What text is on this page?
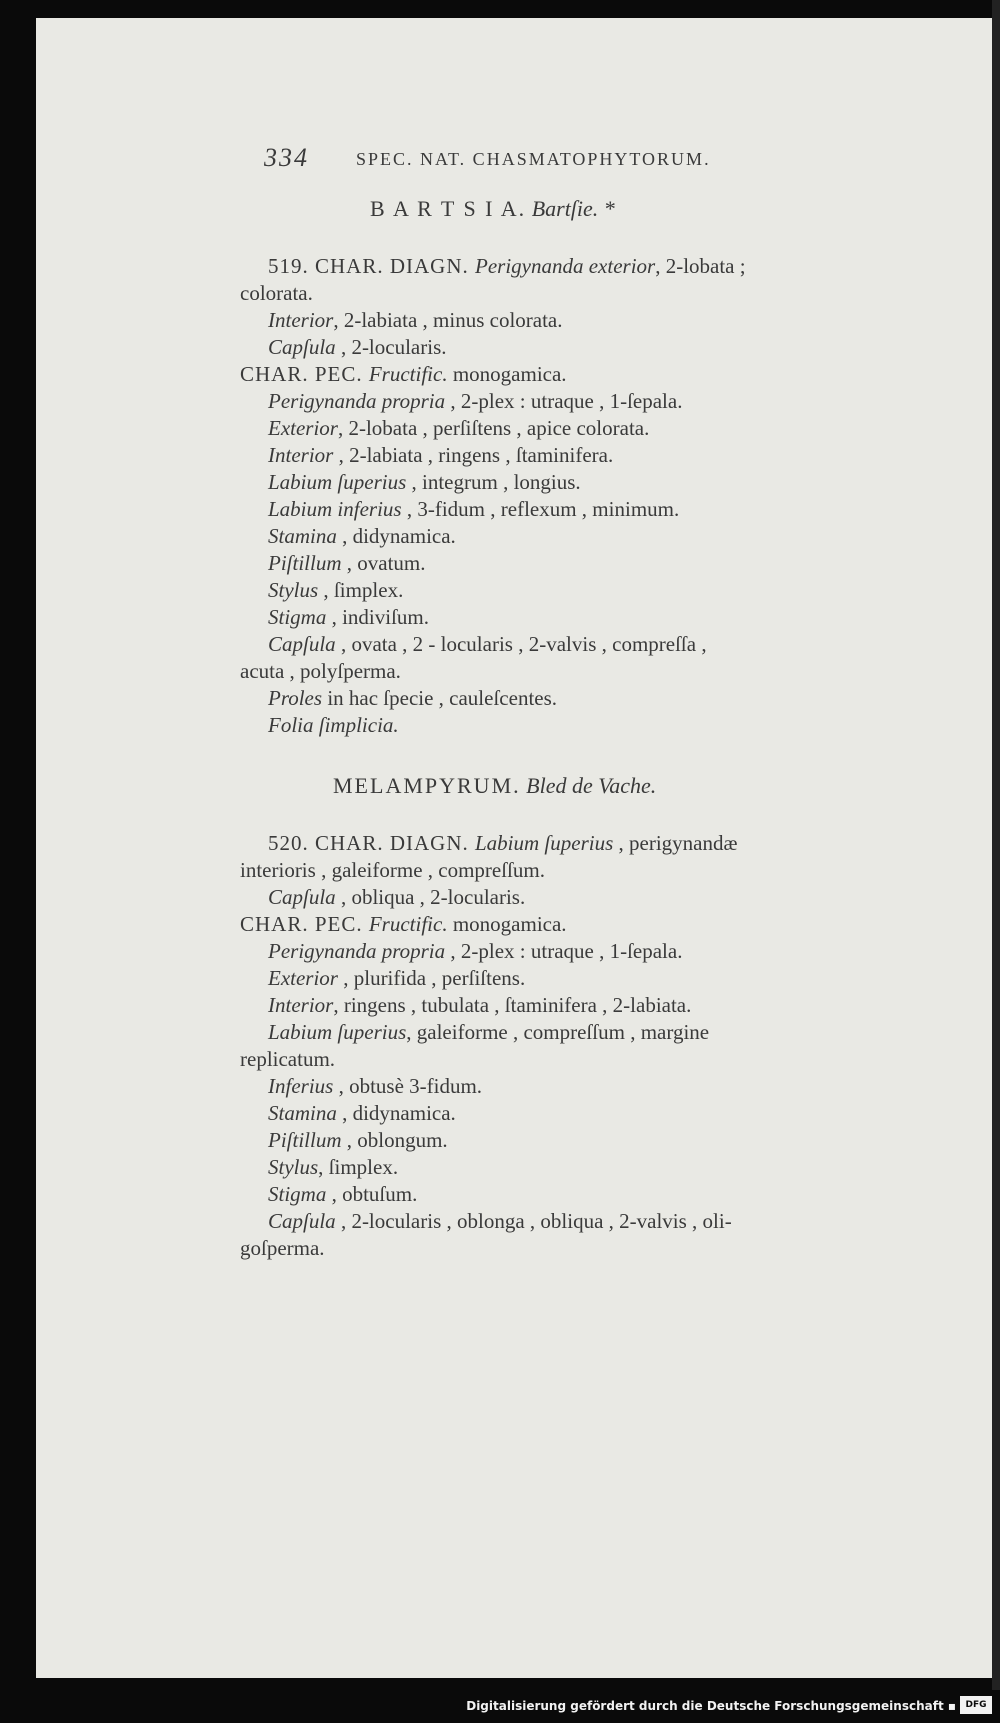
334	SPEC. NAT. CHASMATOPHYTORUM.
B A R T S I A. Bartſie. *
519. CHAR. DIAGN. Perigynanda exterior, 2-lobata ;
colorata.
Interior, 2-labiata , minus colorata.
Capſula , 2-locularis.
CHAR. PEC. Fructific. monogamica.
Perigynanda propria , 2-plex : utraque , 1-ſepala.
Exterior, 2-lobata , perſiſtens , apice colorata.
Interior , 2-labiata , ringens , ſtaminifera.
Labium ſuperius , integrum , longius.
Labium inferius , 3-fidum , reflexum , minimum.
Stamina , didynamica.
Piſtillum , ovatum.
Stylus , ſimplex.
Stigma , indiviſum.
Capſula , ovata , 2 - locularis , 2-valvis , compreſſa ,
acuta , polyſperma.
Proles in hac ſpecie , cauleſcentes.
Folia ſimplicia.
MELAMPYRUM. Bled de Vache.
520. CHAR. DIAGN. Labium ſuperius , perigynandæ
interioris , galeiforme , compreſſum.
Capſula , obliqua , 2-locularis.
CHAR. PEC. Fructific. monogamica.
Perigynanda propria , 2-plex : utraque , 1-ſepala.
Exterior , plurifida , perſiſtens.
Interior, ringens , tubulata , ſtaminifera , 2-labiata.
Labium ſuperius, galeiforme , compreſſum , margine
replicatum.
Inferius , obtusè 3-fidum.
Stamina , didynamica.
Piſtillum , oblongum.
Stylus, ſimplex.
Stigma , obtuſum.
Capſula , 2-locularis , oblonga , obliqua , 2-valvis , oli-
goſperma.
Digitalisierung gefördert durch die Deutsche Forschungsgemeinschaft ▪	DFG
